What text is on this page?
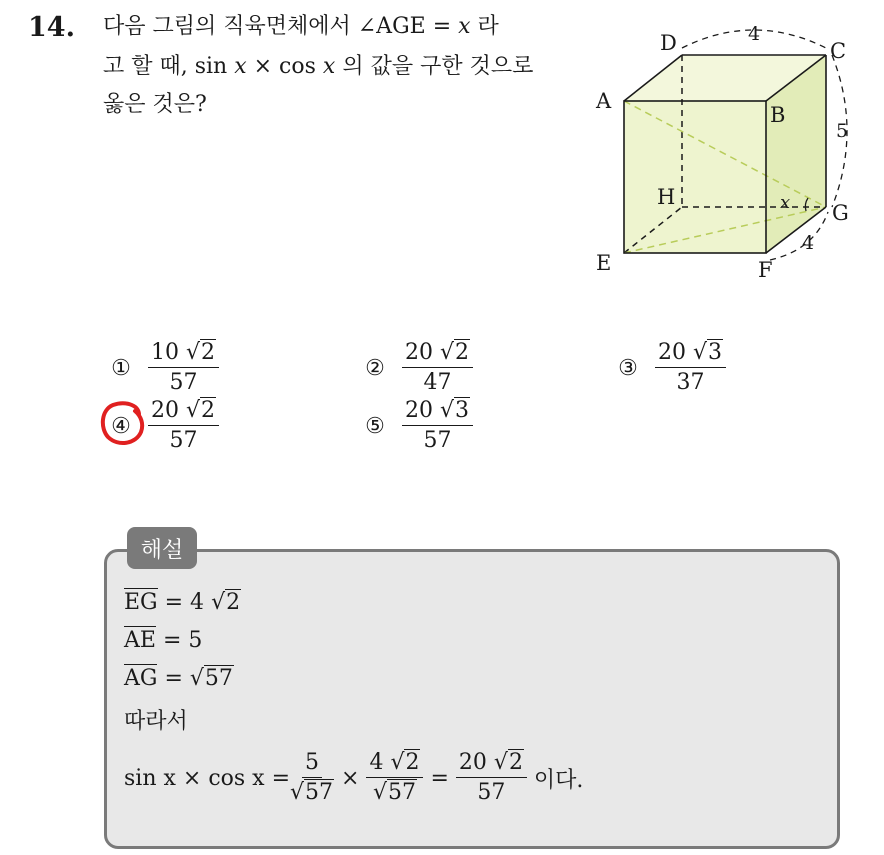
14. 다음 그림의 직육면체에서 ∠AGE = x 라
고 할 때, sin x × cos x 의 값을 구한 것으로
옳은 것은?
D	C
A
B
H
G
E	F
4
5
4
x
① $\frac{10 √2}{57}$	② $\frac{20 √2}{47}$	③ $\frac{20 √3}{37}$
④ $\frac{20 √2}{57}$	⑤ $\frac{20 √3}{57}$
해설
EG = 4 √2
AE = 5
AG = √57
따라서
$\sin x \times \cos x = \frac{5}{√57} \times \frac{4 √2}{√57} = \frac{20 √2}{57}$ 이다.
